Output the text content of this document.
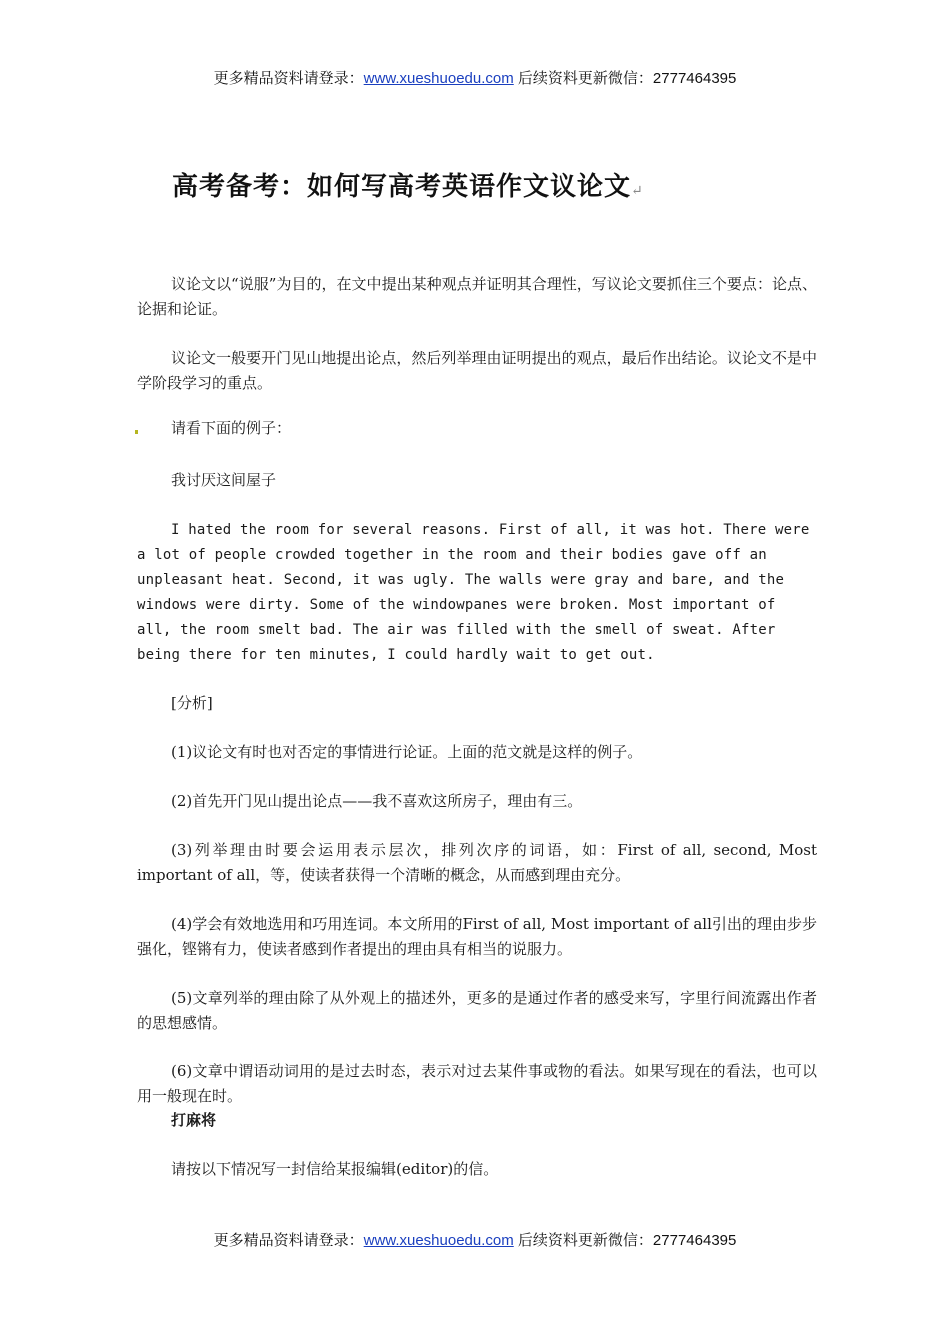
更多精品资料请登录：www.xueshuoedu.com 后续资料更新微信：2777464395
高考备考：如何写高考英语作文议论文↵

议论文以“说服”为目的，在文中提出某种观点并证明其合理性，写议论文要抓住三个要点：论点、论据和论证。

议论文一般要开门见山地提出论点，然后列举理由证明提出的观点，最后作出结论。议论文不是中学阶段学习的重点。

请看下面的例子：

我讨厌这间屋子

I hated the room for several reasons. First of all, it was hot. There were a lot of people crowded together in the room and their bodies gave off an unpleasant heat. Second, it was ugly. The walls were gray and bare, and the windows were dirty. Some of the windowpanes were broken. Most important of all, the room smelt bad. The air was filled with the smell of sweat. After being there for ten minutes, I could hardly wait to get out.

[分析]

(1)议论文有时也对否定的事情进行论证。上面的范文就是这样的例子。

(2)首先开门见山提出论点——我不喜欢这所房子，理由有三。

(3)列举理由时要会运用表示层次，排列次序的词语，如：First of all, second, Most important of all，等，使读者获得一个清晰的概念，从而感到理由充分。

(4)学会有效地选用和巧用连词。本文所用的First of all, Most important of all引出的理由步步强化，铿锵有力，使读者感到作者提出的理由具有相当的说服力。

(5)文章列举的理由除了从外观上的描述外，更多的是通过作者的感受来写，字里行间流露出作者的思想感情。

(6)文章中谓语动词用的是过去时态，表示对过去某件事或物的看法。如果写现在的看法，也可以用一般现在时。

打麻将

请按以下情况写一封信给某报编辑(editor)的信。

更多精品资料请登录：www.xueshuoedu.com 后续资料更新微信：2777464395
